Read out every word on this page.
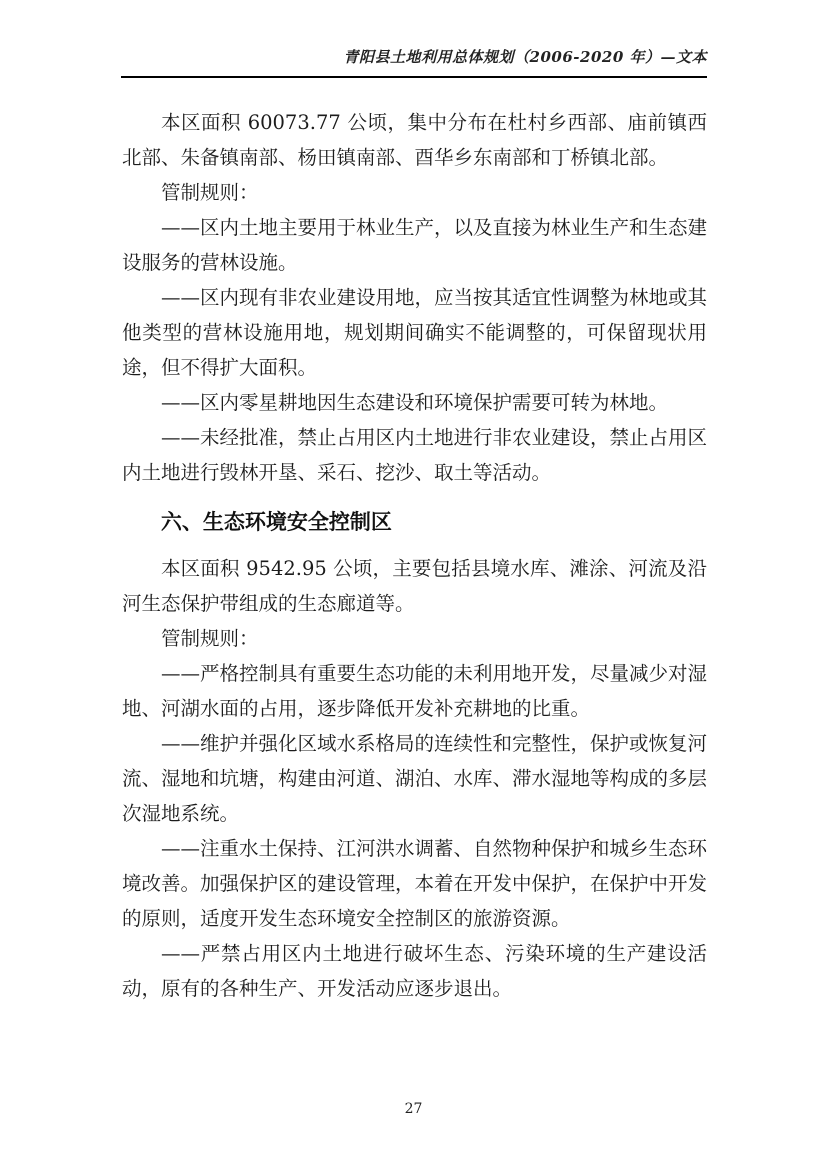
青阳县土地利用总体规划（2006-2020 年）—文本

本区面积 60073.77 公顷，集中分布在杜村乡西部、庙前镇西北部、朱备镇南部、杨田镇南部、酉华乡东南部和丁桥镇北部。

管制规则：

——区内土地主要用于林业生产，以及直接为林业生产和生态建设服务的营林设施。

——区内现有非农业建设用地，应当按其适宜性调整为林地或其他类型的营林设施用地，规划期间确实不能调整的，可保留现状用途，但不得扩大面积。

——区内零星耕地因生态建设和环境保护需要可转为林地。

——未经批准，禁止占用区内土地进行非农业建设，禁止占用区内土地进行毁林开垦、采石、挖沙、取土等活动。

六、生态环境安全控制区

本区面积 9542.95 公顷，主要包括县境水库、滩涂、河流及沿河生态保护带组成的生态廊道等。

管制规则：

——严格控制具有重要生态功能的未利用地开发，尽量减少对湿地、河湖水面的占用，逐步降低开发补充耕地的比重。

——维护并强化区域水系格局的连续性和完整性，保护或恢复河流、湿地和坑塘，构建由河道、湖泊、水库、滞水湿地等构成的多层次湿地系统。

——注重水土保持、江河洪水调蓄、自然物种保护和城乡生态环境改善。加强保护区的建设管理，本着在开发中保护，在保护中开发的原则，适度开发生态环境安全控制区的旅游资源。

——严禁占用区内土地进行破坏生态、污染环境的生产建设活动，原有的各种生产、开发活动应逐步退出。

27
